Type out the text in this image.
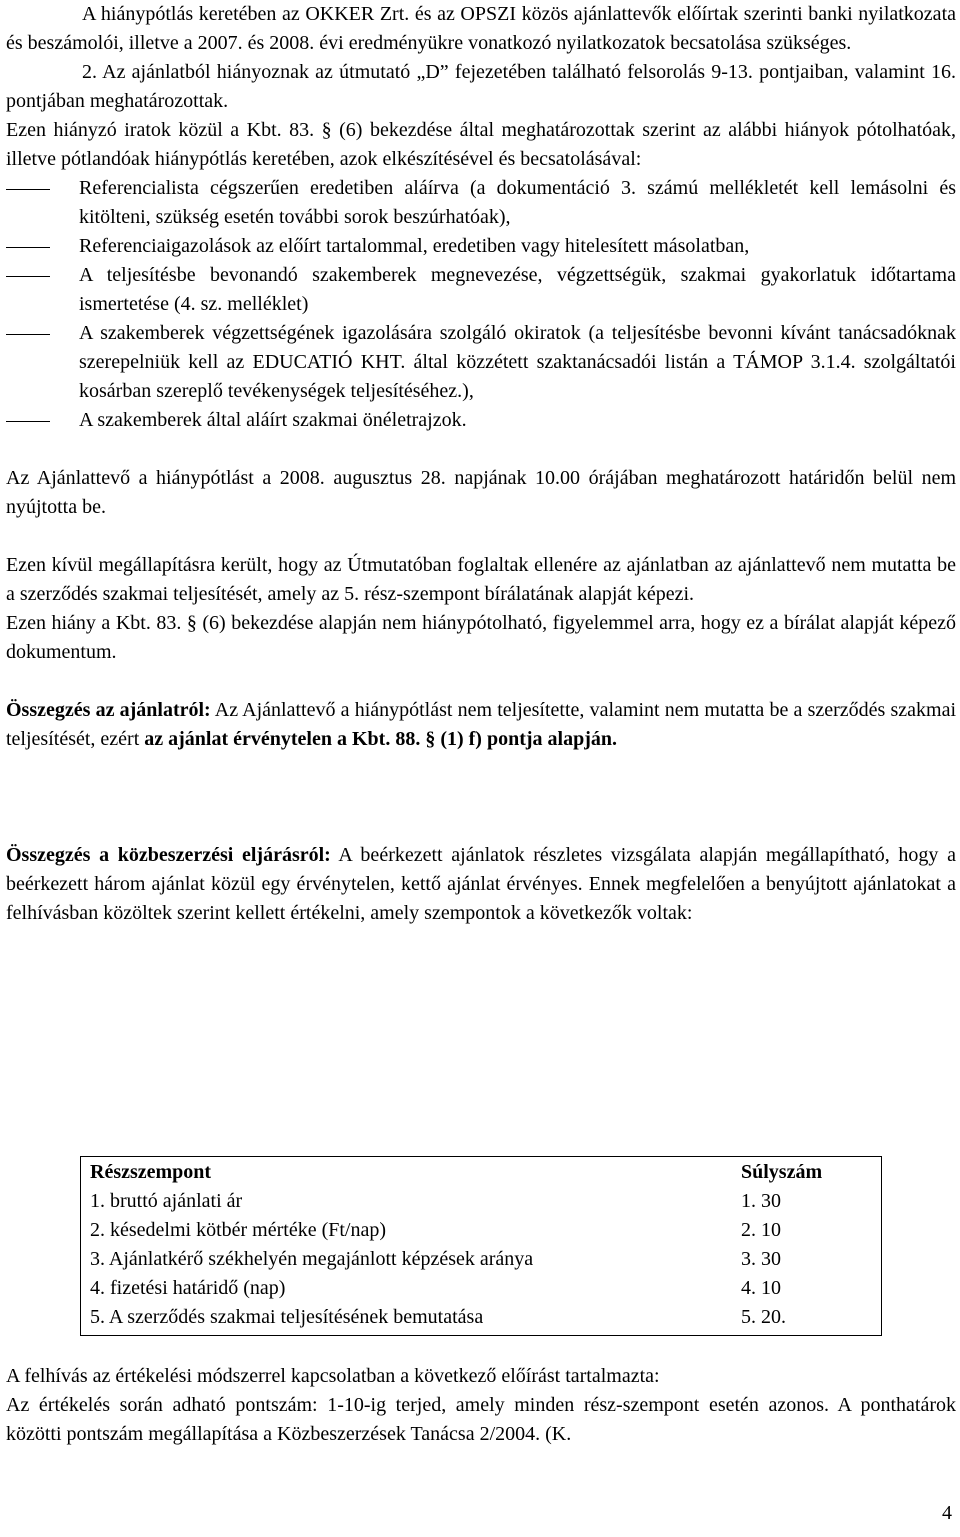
A hiánypótlás keretében az OKKER Zrt. és az OPSZI közös ajánlattevők előírtak szerinti banki nyilatkozata és beszámolói, illetve a 2007. és 2008. évi eredményükre vonatkozó nyilatkozatok becsatolása szükséges.

2. Az ajánlatból hiányoznak az útmutató „D” fejezetében található felsorolás 9-13. pontjaiban, valamint 16. pontjában meghatározottak.

Ezen hiányzó iratok közül a Kbt. 83. § (6) bekezdése által meghatározottak szerint az alábbi hiányok pótolhatóak, illetve pótlandóak hiánypótlás keretében, azok elkészítésével és becsatolásával:

Referencialista cégszerűen eredetiben aláírva (a dokumentáció 3. számú mellékletét kell lemásolni és kitölteni, szükség esetén további sorok beszúrhatóak),
Referenciaigazolások az előírt tartalommal, eredetiben vagy hitelesített másolatban,
A teljesítésbe bevonandó szakemberek megnevezése, végzettségük, szakmai gyakorlatuk időtartama ismertetése (4. sz. melléklet)
A szakemberek végzettségének igazolására szolgáló okiratok (a teljesítésbe bevonni kívánt tanácsadóknak szerepelniük kell az EDUCATIÓ KHT. által közzétett szaktanácsadói listán a TÁMOP 3.1.4. szolgáltatói kosárban szereplő tevékenységek teljesítéséhez.),
A szakemberek által aláírt szakmai önéletrajzok.

Az Ajánlattevő a hiánypótlást a 2008. augusztus 28. napjának 10.00 órájában meghatározott határidőn belül nem nyújtotta be.

Ezen kívül megállapításra került, hogy az Útmutatóban foglaltak ellenére az ajánlatban az ajánlattevő nem mutatta be a szerződés szakmai teljesítését, amely az 5. rész-szempont bírálatának alapját képezi.

Ezen hiány a Kbt. 83. § (6) bekezdése alapján nem hiánypótolható, figyelemmel arra, hogy ez a bírálat alapját képező dokumentum.

Összegzés az ajánlatról: Az Ajánlattevő a hiánypótlást nem teljesítette, valamint nem mutatta be a szerződés szakmai teljesítését, ezért az ajánlat érvénytelen a Kbt. 88. § (1) f) pontja alapján.

Összegzés a közbeszerzési eljárásról: A beérkezett ajánlatok részletes vizsgálata alapján megállapítható, hogy a beérkezett három ajánlat közül egy érvénytelen, kettő ajánlat érvényes. Ennek megfelelően a benyújtott ajánlatokat a felhívásban közöltek szerint kellett értékelni, amely szempontok a következők voltak:

Részszempont	Súlyszám
1. bruttó ajánlati ár	1. 30
2. késedelmi kötbér mértéke (Ft/nap)	2. 10
3. Ajánlatkérő székhelyén megajánlott képzések aránya	3. 30
4. fizetési határidő (nap)	4. 10
5. A szerződés szakmai teljesítésének bemutatása	5. 20.

A felhívás az értékelési módszerrel kapcsolatban a következő előírást tartalmazta:

Az értékelés során adható pontszám: 1-10-ig terjed, amely minden rész-szempont esetén azonos. A ponthatárok közötti pontszám megállapítása a Közbeszerzések Tanácsa 2/2004. (K.

4
